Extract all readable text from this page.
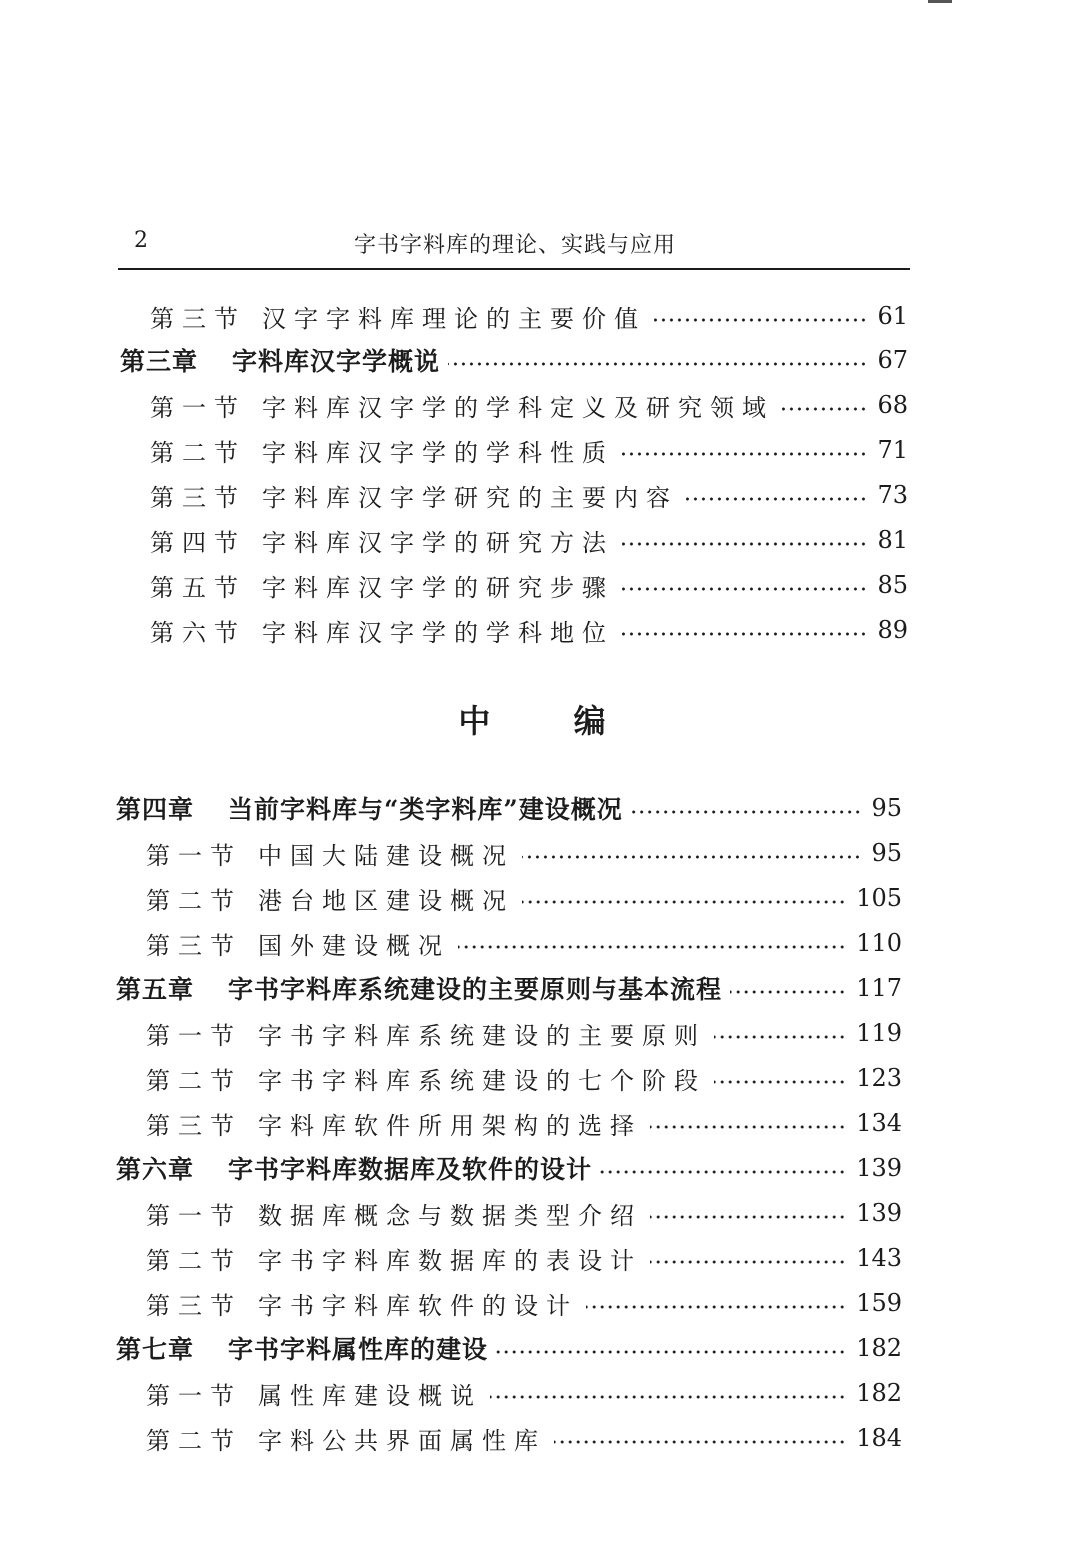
2	字书字料库的理论、实践与应用
中 编
第三节 汉字字料库理论的主要价值	61
第三章	字料库汉字学概说	67
第一节 字料库汉字学的学科定义及研究领域	68
第二节 字料库汉字学的学科性质	71
第三节 字料库汉字学研究的主要内容	73
第四节 字料库汉字学的研究方法	81
第五节 字料库汉字学的研究步骤	85
第六节 字料库汉字学的学科地位	89
第四章	当前字料库与“类字料库”建设概况	95
第一节 中国大陆建设概况	95
第二节 港台地区建设概况	105
第三节 国外建设概况	110
第五章	字书字料库系统建设的主要原则与基本流程	117
第一节 字书字料库系统建设的主要原则	119
第二节 字书字料库系统建设的七个阶段	123
第三节 字料库软件所用架构的选择	134
第六章	字书字料库数据库及软件的设计	139
第一节 数据库概念与数据类型介绍	139
第二节 字书字料库数据库的表设计	143
第三节 字书字料库软件的设计	159
第七章	字书字料属性库的建设	182
第一节 属性库建设概说	182
第二节 字料公共界面属性库	184
